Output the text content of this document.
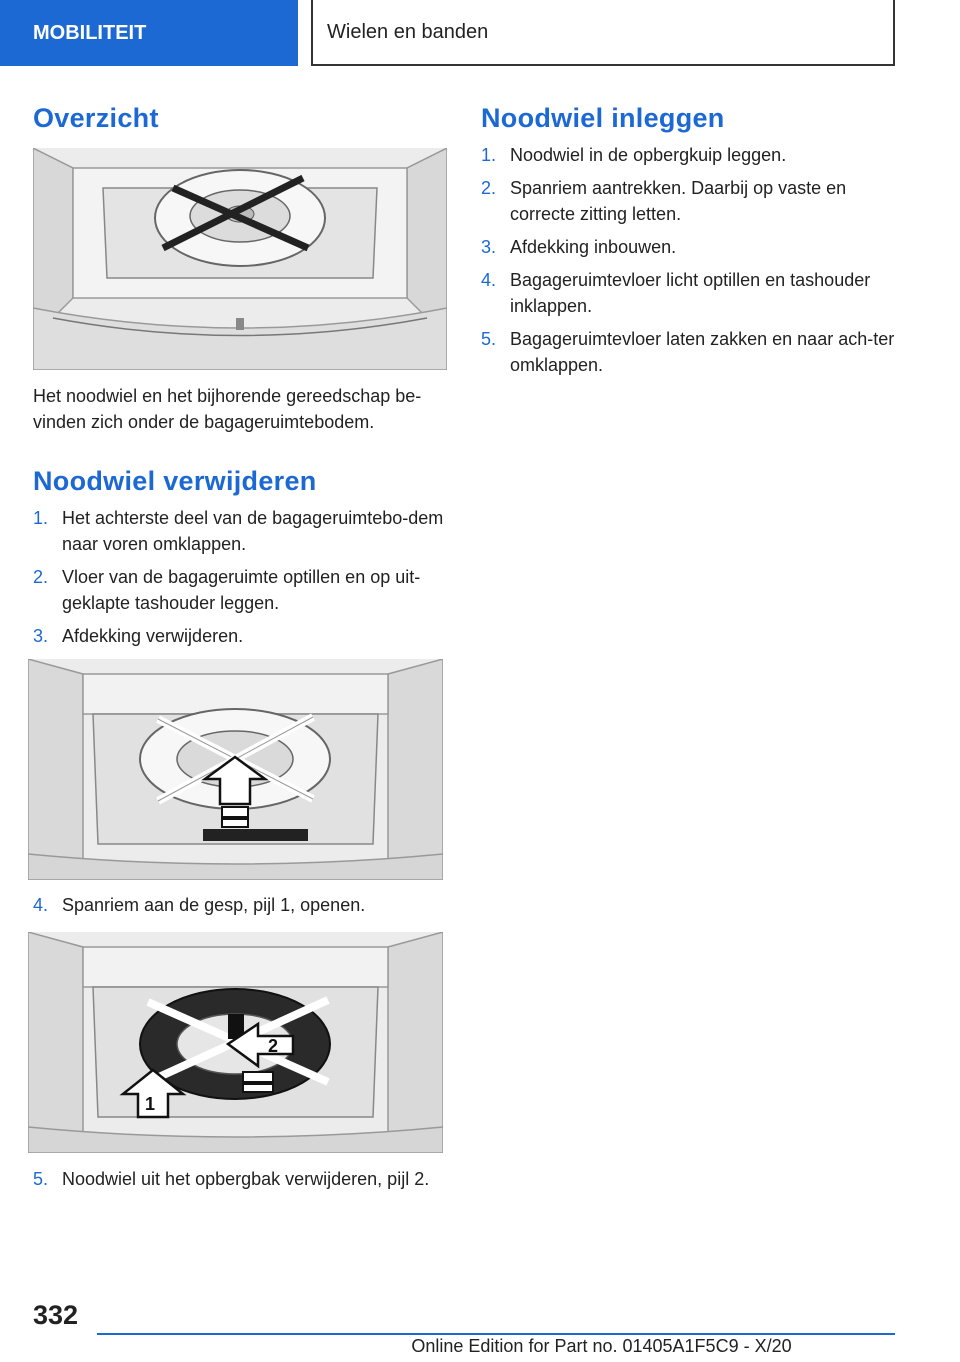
MOBILITEIT	Wielen en banden
Overzicht

Het noodwiel en het bijhorende gereedschap be-vinden zich onder de bagageruimtebodem.

Noodwiel verwijderen
1. Het achterste deel van de bagageruimtebo-dem naar voren omklappen.
2. Vloer van de bagageruimte optillen en op uit-geklapte tashouder leggen.
3. Afdekking verwijderen.
4. Spanriem aan de gesp, pijl 1, openen.
2
1
5. Noodwiel uit het opbergbak verwijderen, pijl 2.
Noodwiel inleggen
1. Noodwiel in de opbergkuip leggen.
2. Spanriem aantrekken. Daarbij op vaste en correcte zitting letten.
3. Afdekking inbouwen.
4. Bagageruimtevloer licht optillen en tashouder inklappen.
5. Bagageruimtevloer laten zakken en naar ach-ter omklappen.
332
Online Edition for Part no. 01405A1F5C9 - X/20
